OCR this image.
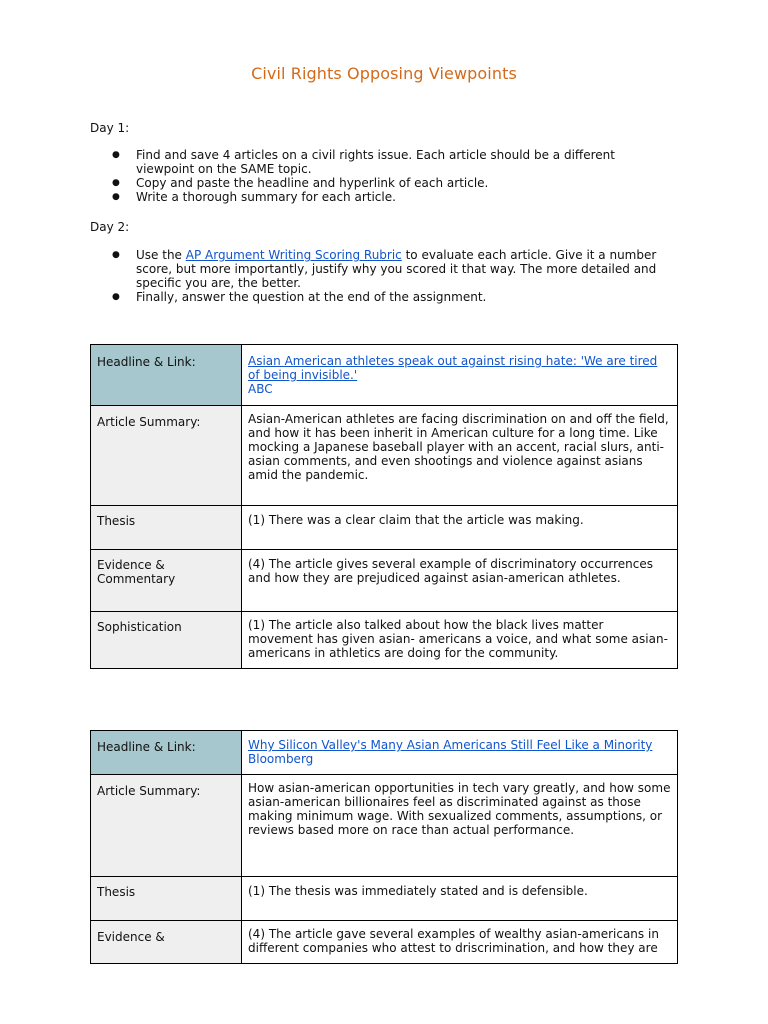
Civil Rights Opposing Viewpoints
Day 1:
● Find and save 4 articles on a civil rights issue. Each article should be a different viewpoint on the SAME topic.
● Copy and paste the headline and hyperlink of each article.
● Write a thorough summary for each article.
Day 2:
● Use the AP Argument Writing Scoring Rubric to evaluate each article. Give it a number score, but more importantly, justify why you scored it that way. The more detailed and specific you are, the better.
● Finally, answer the question at the end of the assignment.
Headline & Link:	Asian American athletes speak out against rising hate: 'We are tired of being invisible.'
ABC

Article Summary:	Asian-American athletes are facing discrimination on and off the field, and how it has been inherit in American culture for a long time. Like mocking a Japanese baseball player with an accent, racial slurs, anti-asian comments, and even shootings and violence against asians amid the pandemic.

Thesis	(1) There was a clear claim that the article was making.

Evidence & Commentary	(4) The article gives several example of discriminatory occurrences and how they are prejudiced against asian-american athletes.

Sophistication	(1) The article also talked about how the black lives matter movement has given asian- americans a voice, and what some asian-americans in athletics are doing for the community.
Headline & Link:	Why Silicon Valley's Many Asian Americans Still Feel Like a Minority
Bloomberg

Article Summary:	How asian-american opportunities in tech vary greatly, and how some asian-american billionaires feel as discriminated against as those making minimum wage. With sexualized comments, assumptions, or reviews based more on race than actual performance.

Thesis	(1) The thesis was immediately stated and is defensible.

Evidence &	(4) The article gave several examples of wealthy asian-americans in different companies who attest to driscrimination, and how they are
